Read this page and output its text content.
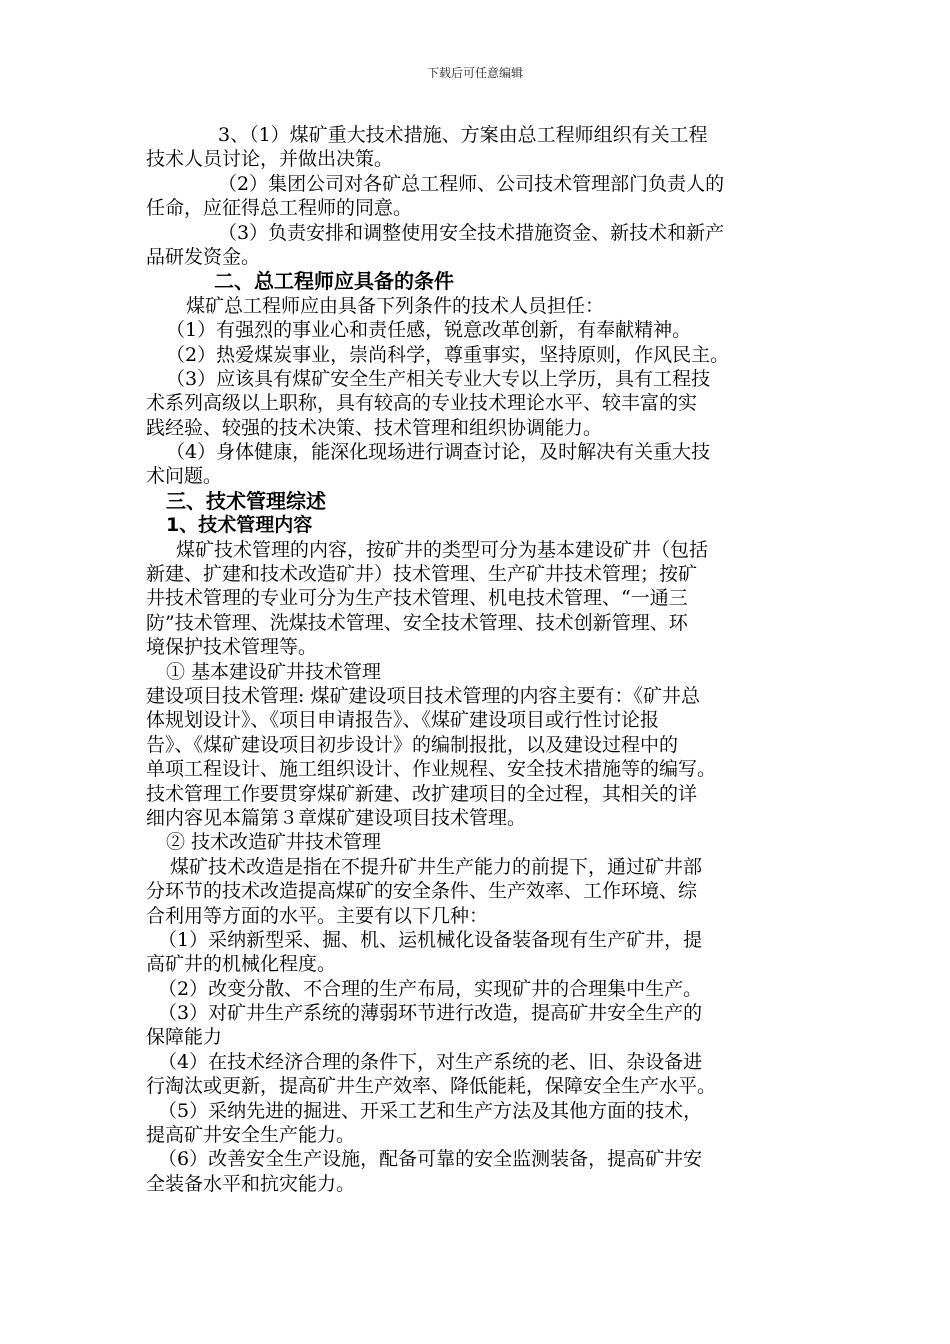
下载后可任意编辑
3、（1）煤矿重大技术措施、方案由总工程师组织有关工程
技术人员讨论，并做出决策。
（2）集团公司对各矿总工程师、公司技术管理部门负责人的
任命，应征得总工程师的同意。
（3）负责安排和调整使用安全技术措施资金、新技术和新产
品研发资金。
二、总工程师应具备的条件
煤矿总工程师应由具备下列条件的技术人员担任：
（1）有强烈的事业心和责任感，锐意改革创新，有奉献精神。
（2）热爱煤炭事业，崇尚科学，尊重事实，坚持原则，作风民主。
（3）应该具有煤矿安全生产相关专业大专以上学历，具有工程技
术系列高级以上职称，具有较高的专业技术理论水平、较丰富的实
践经验、较强的技术决策、技术管理和组织协调能力。
（4）身体健康，能深化现场进行调查讨论，及时解决有关重大技
术问题。
三、技术管理综述
1、技术管理内容
煤矿技术管理的内容，按矿井的类型可分为基本建设矿井（包括
新建、扩建和技术改造矿井）技术管理、生产矿井技术管理；按矿
井技术管理的专业可分为生产技术管理、机电技术管理、“一通三
防”技术管理、洗煤技术管理、安全技术管理、技术创新管理、环
境保护技术管理等。
① 基本建设矿井技术管理
建设项目技术管理: 煤矿建设项目技术管理的内容主要有：《矿井总
体规划设计》、《项目申请报告》、《煤矿建设项目或行性讨论报
告》、《煤矿建设项目初步设计》的编制报批，以及建设过程中的
单项工程设计、施工组织设计、作业规程、安全技术措施等的编写。
技术管理工作要贯穿煤矿新建、改扩建项目的全过程，其相关的详
细内容见本篇第３章煤矿建设项目技术管理。
② 技术改造矿井技术管理
煤矿技术改造是指在不提升矿井生产能力的前提下，通过矿井部
分环节的技术改造提高煤矿的安全条件、生产效率、工作环境、综
合利用等方面的水平。主要有以下几种：
（1）采纳新型采、掘、机、运机械化设备装备现有生产矿井，提
高矿井的机械化程度。
（2）改变分散、不合理的生产布局，实现矿井的合理集中生产。
（3）对矿井生产系统的薄弱环节进行改造，提高矿井安全生产的
保障能力
（4）在技术经济合理的条件下，对生产系统的老、旧、杂设备进
行淘汰或更新，提高矿井生产效率、降低能耗，保障安全生产水平。
（5）采纳先进的掘进、开采工艺和生产方法及其他方面的技术，
提高矿井安全生产能力。
（6）改善安全生产设施，配备可靠的安全监测装备，提高矿井安
全装备水平和抗灾能力。
